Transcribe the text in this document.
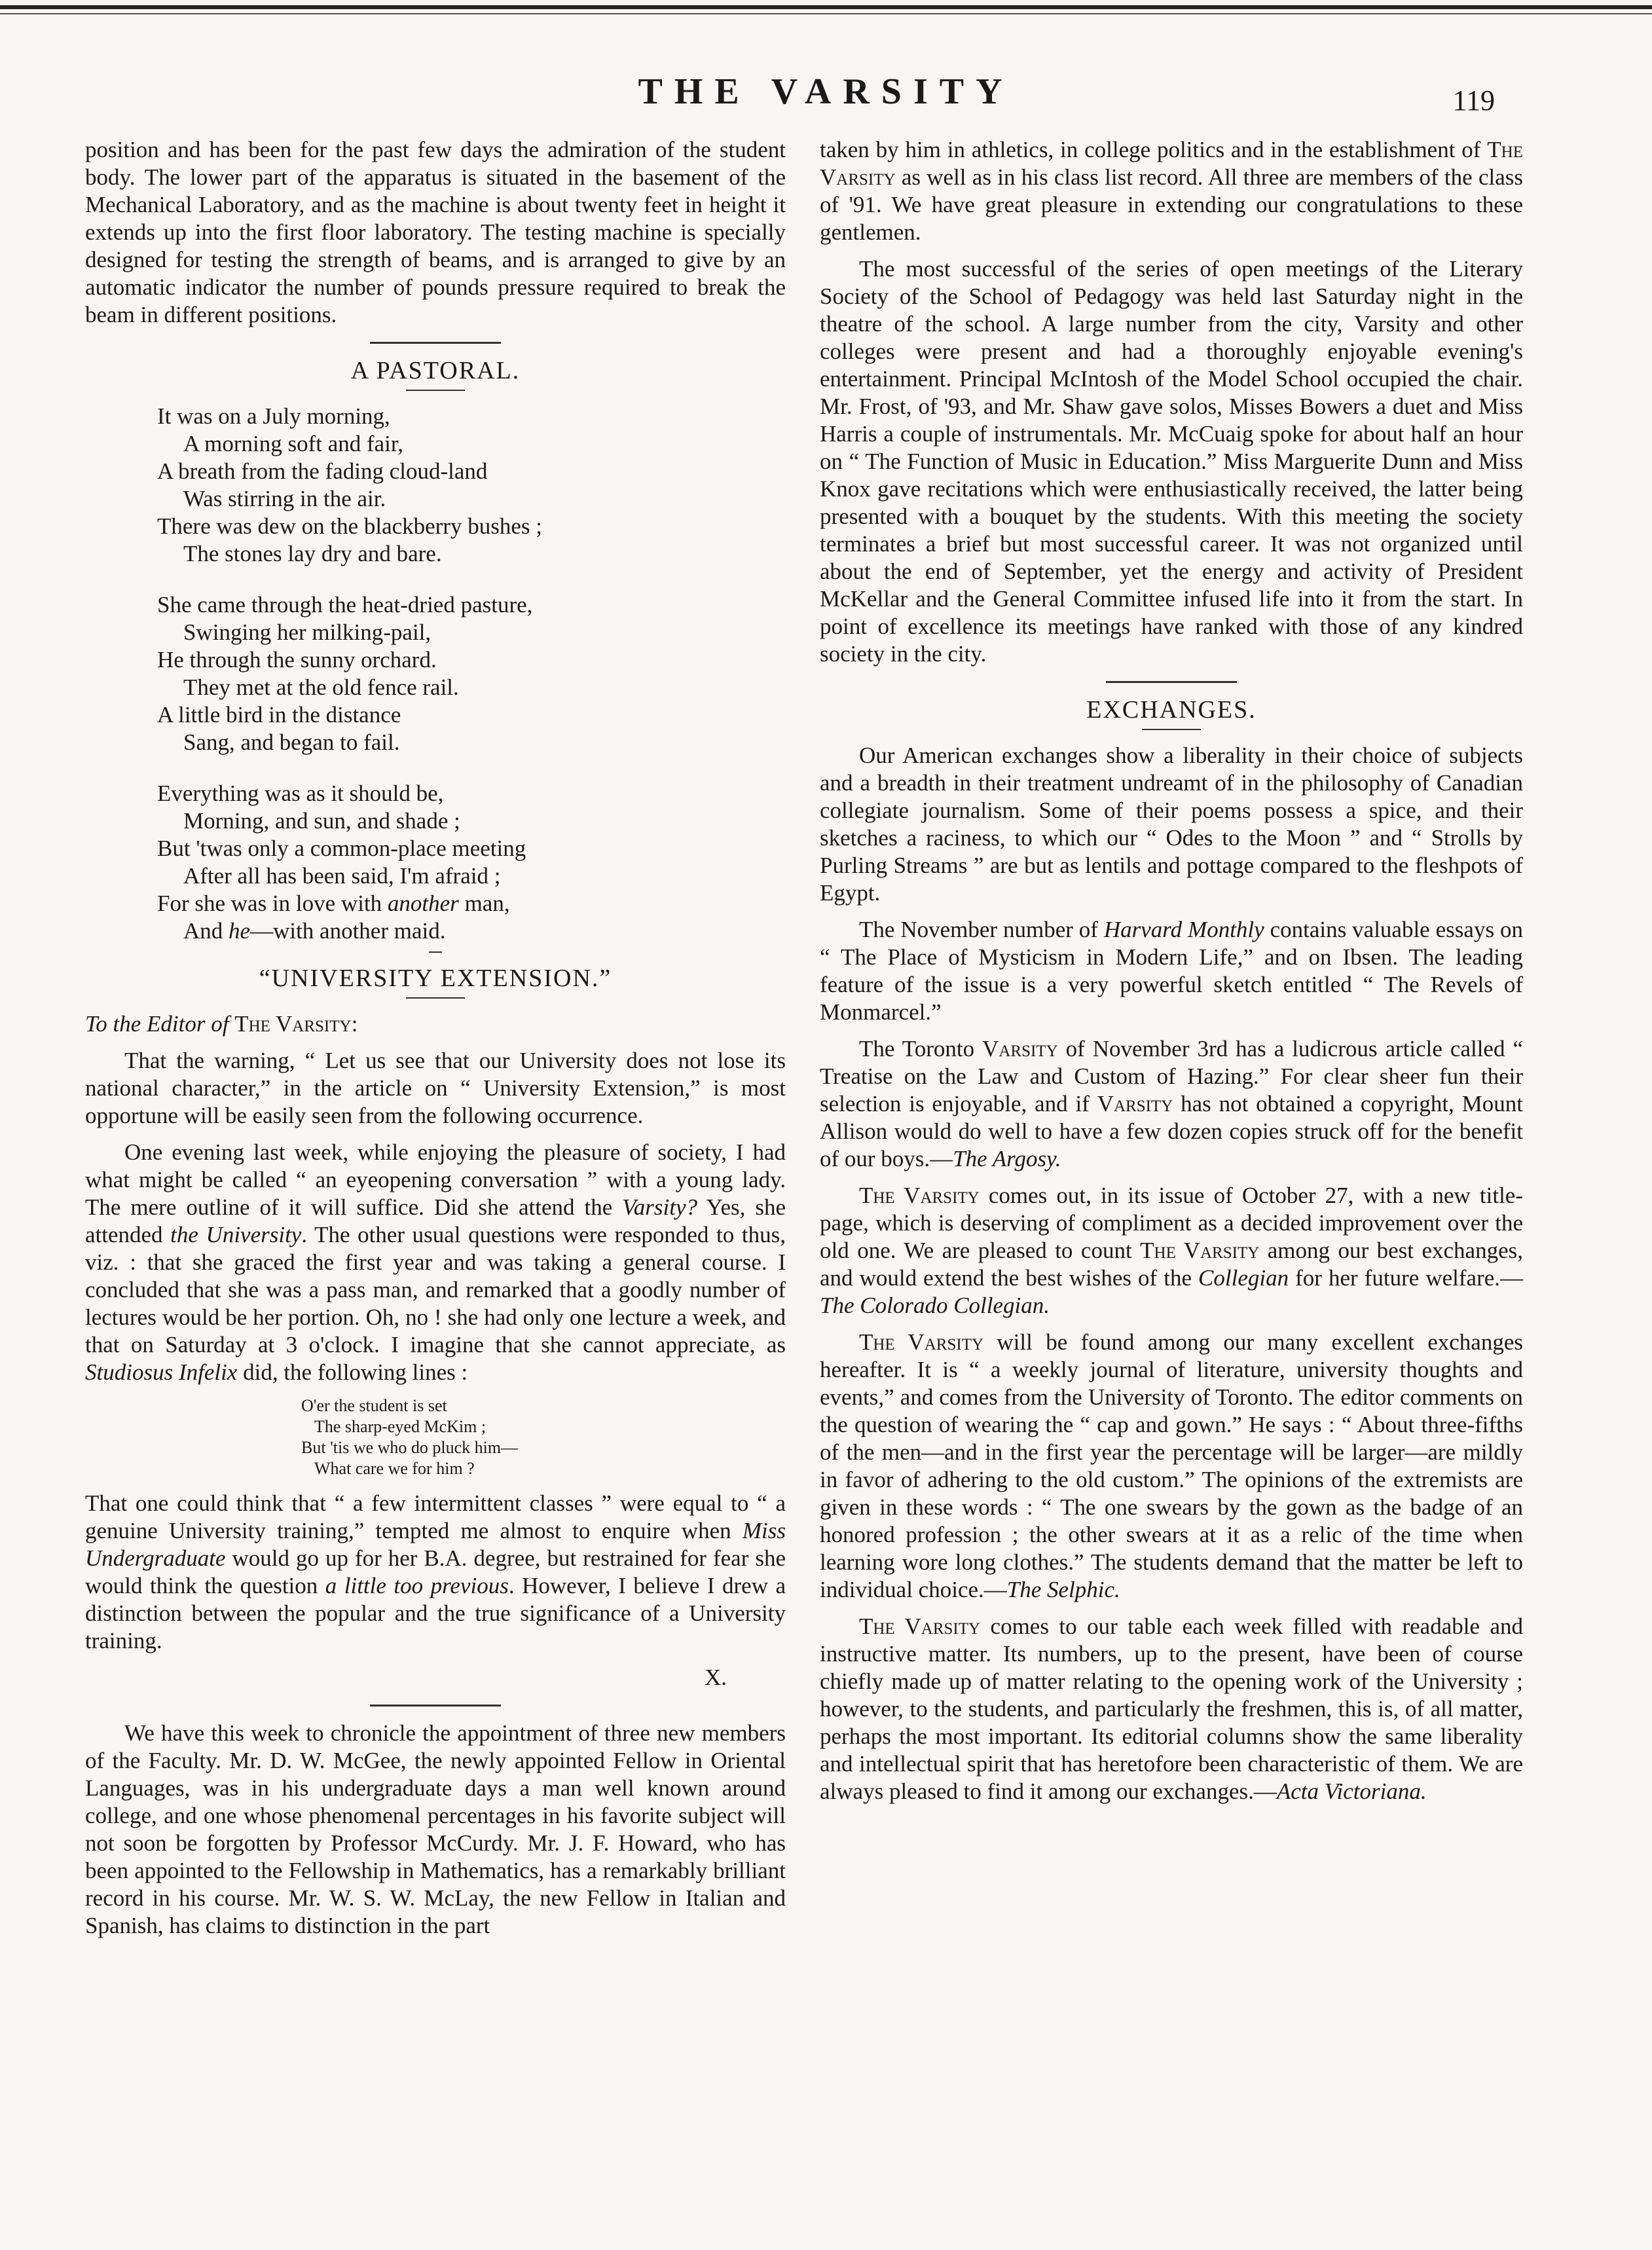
THE VARSITY	119

position and has been for the past few days the admiration of the student body. The lower part of the apparatus is situated in the basement of the Mechanical Laboratory, and as the machine is about twenty feet in height it extends up into the first floor laboratory. The testing machine is specially designed for testing the strength of beams, and is arranged to give by an automatic indicator the number of pounds pressure required to break the beam in different positions.

A PASTORAL.
It was on a July morning,
A morning soft and fair,
A breath from the fading cloud-land
Was stirring in the air.
There was dew on the blackberry bushes ;
The stones lay dry and bare.
She came through the heat-dried pasture,
Swinging her milking-pail,
He through the sunny orchard.
They met at the old fence rail.
A little bird in the distance
Sang, and began to fail.
Everything was as it should be,
Morning, and sun, and shade ;
But 'twas only a common-place meeting
After all has been said, I'm afraid ;
For she was in love with another man,
And he—with another maid.
“UNIVERSITY EXTENSION.”

To the Editor of The Varsity:

That the warning, “ Let us see that our University does not lose its national character,” in the article on “ University Extension,” is most opportune will be easily seen from the following occurrence.

One evening last week, while enjoying the pleasure of society, I had what might be called “ an eyeopening conversation ” with a young lady. The mere outline of it will suffice. Did she attend the Varsity? Yes, she attended the University. The other usual questions were responded to thus, viz. : that she graced the first year and was taking a general course. I concluded that she was a pass man, and remarked that a goodly number of lectures would be her portion. Oh, no ! she had only one lecture a week, and that on Saturday at 3 o'clock. I imagine that she cannot appreciate, as Studiosus Infelix did, the following lines :

O'er the student is set
The sharp-eyed McKim ;
But 'tis we who do pluck him—
What care we for him ?

That one could think that “ a few intermittent classes ” were equal to “ a genuine University training,” tempted me almost to enquire when Miss Undergraduate would go up for her B.A. degree, but restrained for fear she would think the question a little too previous. However, I believe I drew a distinction between the popular and the true significance of a University training.

X.

We have this week to chronicle the appointment of three new members of the Faculty. Mr. D. W. McGee, the newly appointed Fellow in Oriental Languages, was in his undergraduate days a man well known around college, and one whose phenomenal percentages in his favorite subject will not soon be forgotten by Professor McCurdy. Mr. J. F. Howard, who has been appointed to the Fellowship in Mathematics, has a remarkably brilliant record in his course. Mr. W. S. W. McLay, the new Fellow in Italian and Spanish, has claims to distinction in the part

taken by him in athletics, in college politics and in the establishment of The Varsity as well as in his class list record. All three are members of the class of '91. We have great pleasure in extending our congratulations to these gentlemen.

The most successful of the series of open meetings of the Literary Society of the School of Pedagogy was held last Saturday night in the theatre of the school. A large number from the city, Varsity and other colleges were present and had a thoroughly enjoyable evening's entertainment. Principal McIntosh of the Model School occupied the chair. Mr. Frost, of '93, and Mr. Shaw gave solos, Misses Bowers a duet and Miss Harris a couple of instrumentals. Mr. McCuaig spoke for about half an hour on “ The Function of Music in Education.” Miss Marguerite Dunn and Miss Knox gave recitations which were enthusiastically received, the latter being presented with a bouquet by the students. With this meeting the society terminates a brief but most successful career. It was not organized until about the end of September, yet the energy and activity of President McKellar and the General Committee infused life into it from the start. In point of excellence its meetings have ranked with those of any kindred society in the city.

EXCHANGES.

Our American exchanges show a liberality in their choice of subjects and a breadth in their treatment undreamt of in the philosophy of Canadian collegiate journalism. Some of their poems possess a spice, and their sketches a raciness, to which our “ Odes to the Moon ” and “ Strolls by Purling Streams ” are but as lentils and pottage compared to the fleshpots of Egypt.

The November number of Harvard Monthly contains valuable essays on “ The Place of Mysticism in Modern Life,” and on Ibsen. The leading feature of the issue is a very powerful sketch entitled “ The Revels of Monmarcel.”

The Toronto Varsity of November 3rd has a ludicrous article called “ Treatise on the Law and Custom of Hazing.” For clear sheer fun their selection is enjoyable, and if Varsity has not obtained a copyright, Mount Allison would do well to have a few dozen copies struck off for the benefit of our boys.—The Argosy.

The Varsity comes out, in its issue of October 27, with a new title-page, which is deserving of compliment as a decided improvement over the old one. We are pleased to count The Varsity among our best exchanges, and would extend the best wishes of the Collegian for her future welfare.—The Colorado Collegian.

The Varsity will be found among our many excellent exchanges hereafter. It is “ a weekly journal of literature, university thoughts and events,” and comes from the University of Toronto. The editor comments on the question of wearing the “ cap and gown.” He says : “ About three-fifths of the men—and in the first year the percentage will be larger—are mildly in favor of adhering to the old custom.” The opinions of the extremists are given in these words : “ The one swears by the gown as the badge of an honored profession ; the other swears at it as a relic of the time when learning wore long clothes.” The students demand that the matter be left to individual choice.—The Selphic.

The Varsity comes to our table each week filled with readable and instructive matter. Its numbers, up to the present, have been of course chiefly made up of matter relating to the opening work of the University ; however, to the students, and particularly the freshmen, this is, of all matter, perhaps the most important. Its editorial columns show the same liberality and intellectual spirit that has heretofore been characteristic of them. We are always pleased to find it among our exchanges.—Acta Victoriana.
